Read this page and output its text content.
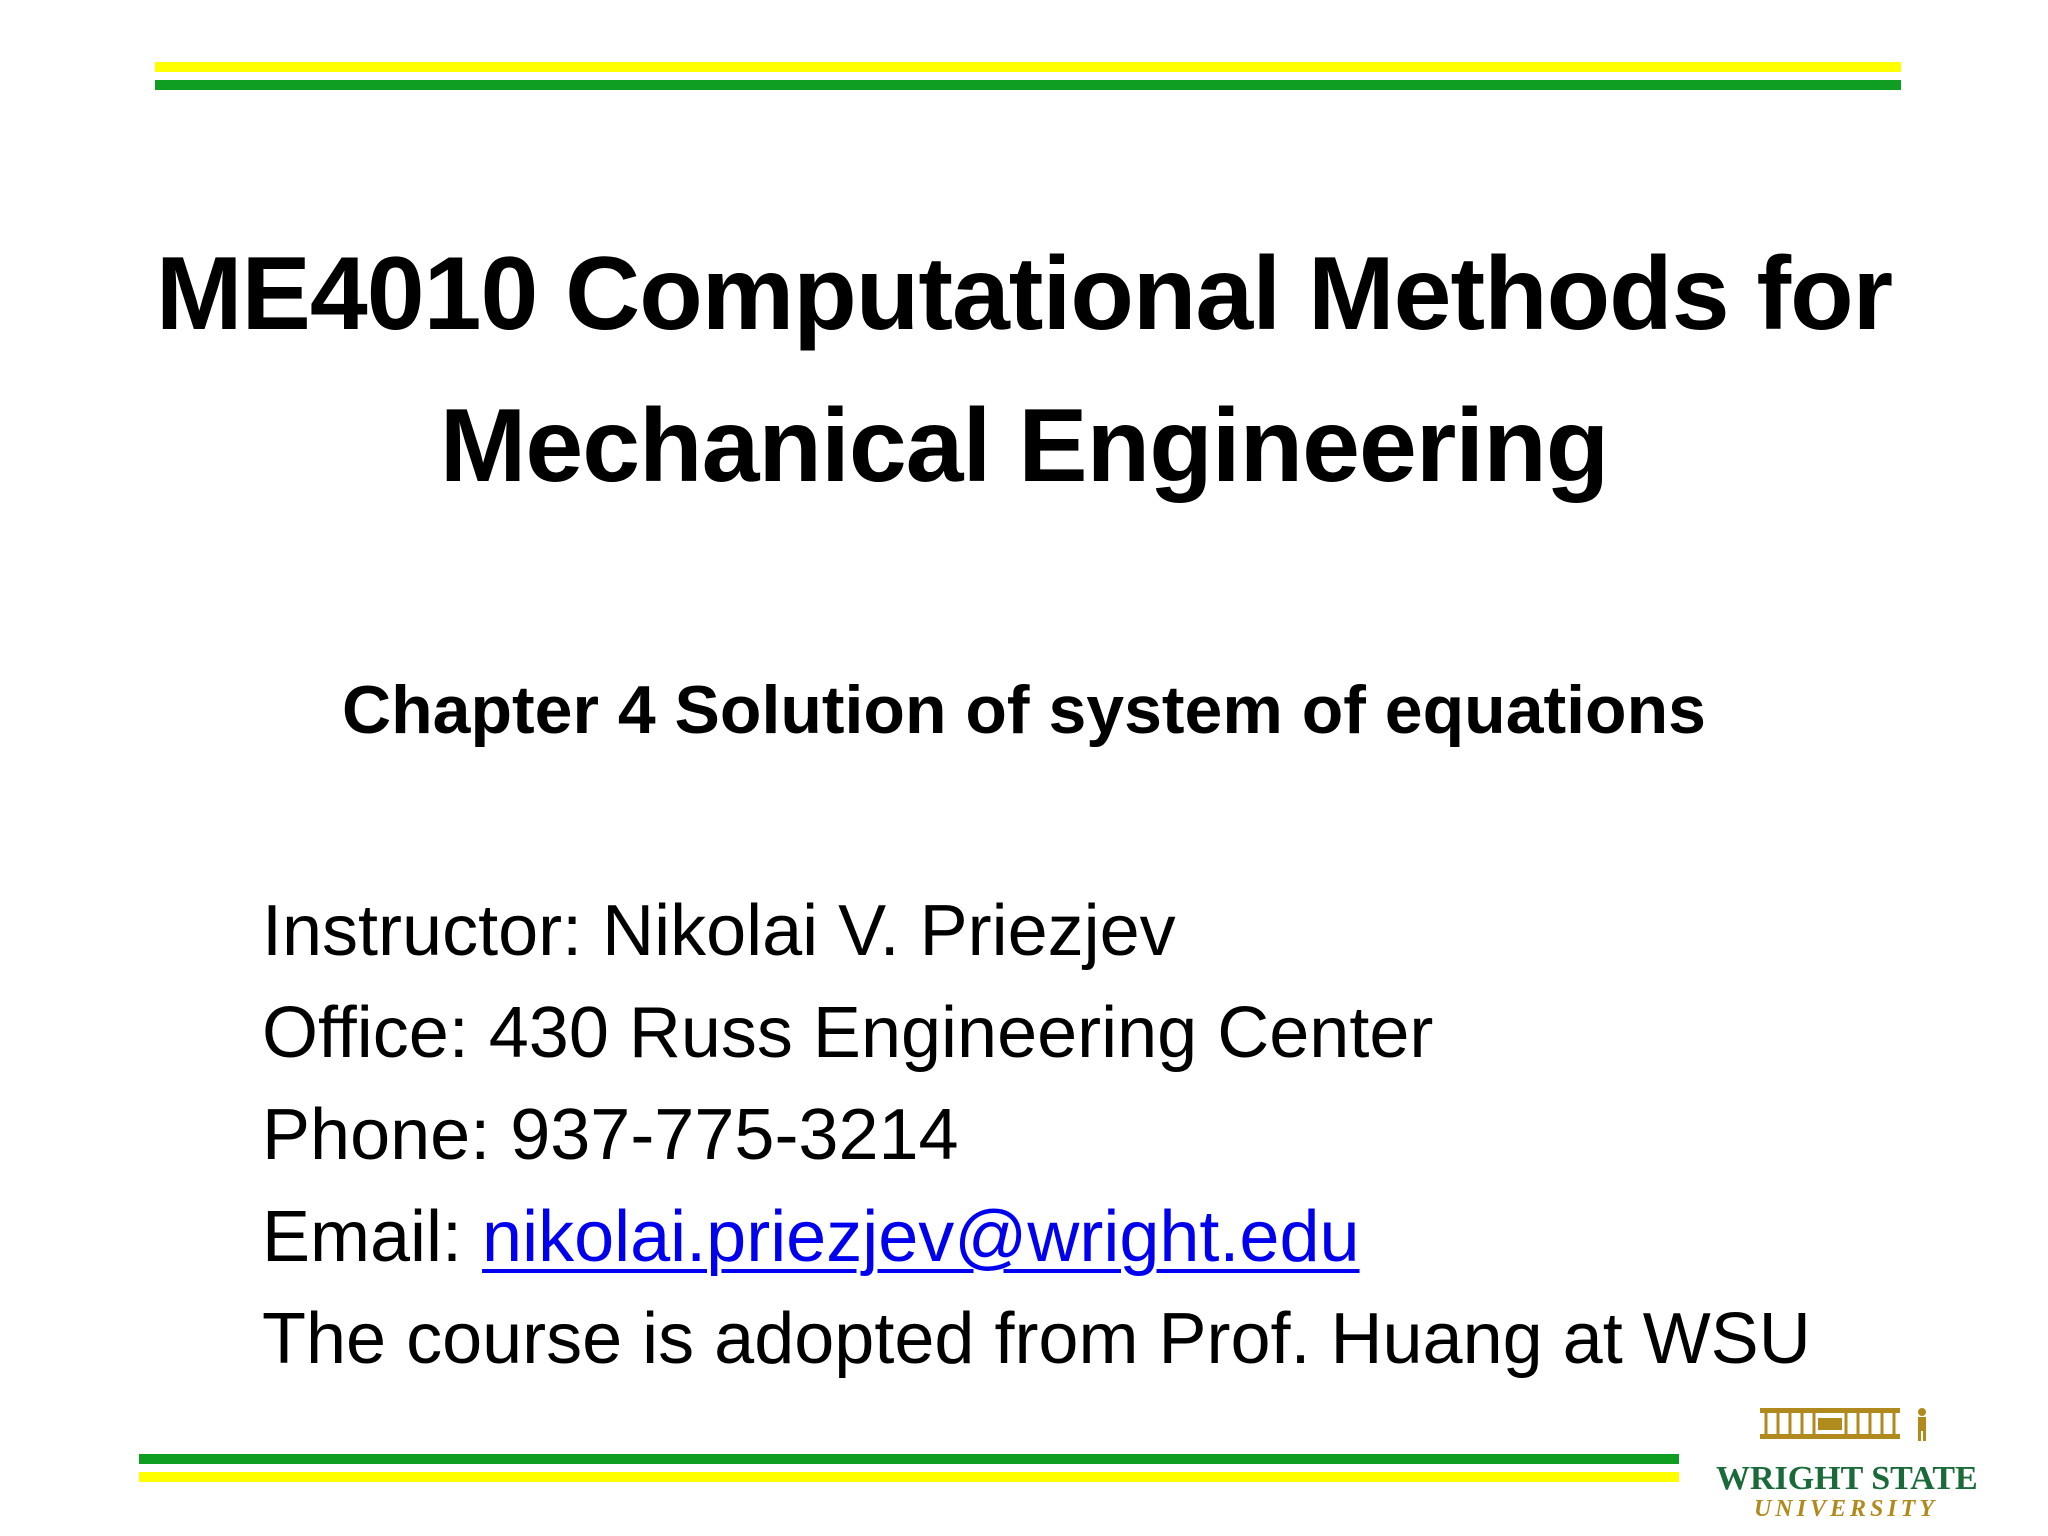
ME4010 Computational Methods for
Mechanical Engineering
Chapter 4 Solution of system of equations
Instructor: Nikolai V. Priezjev
Office: 430 Russ Engineering Center
Phone: 937-775-3214
Email: nikolai.priezjev@wright.edu
The course is adopted from Prof. Huang at WSU
WRIGHT STATE
UNIVERSITY
